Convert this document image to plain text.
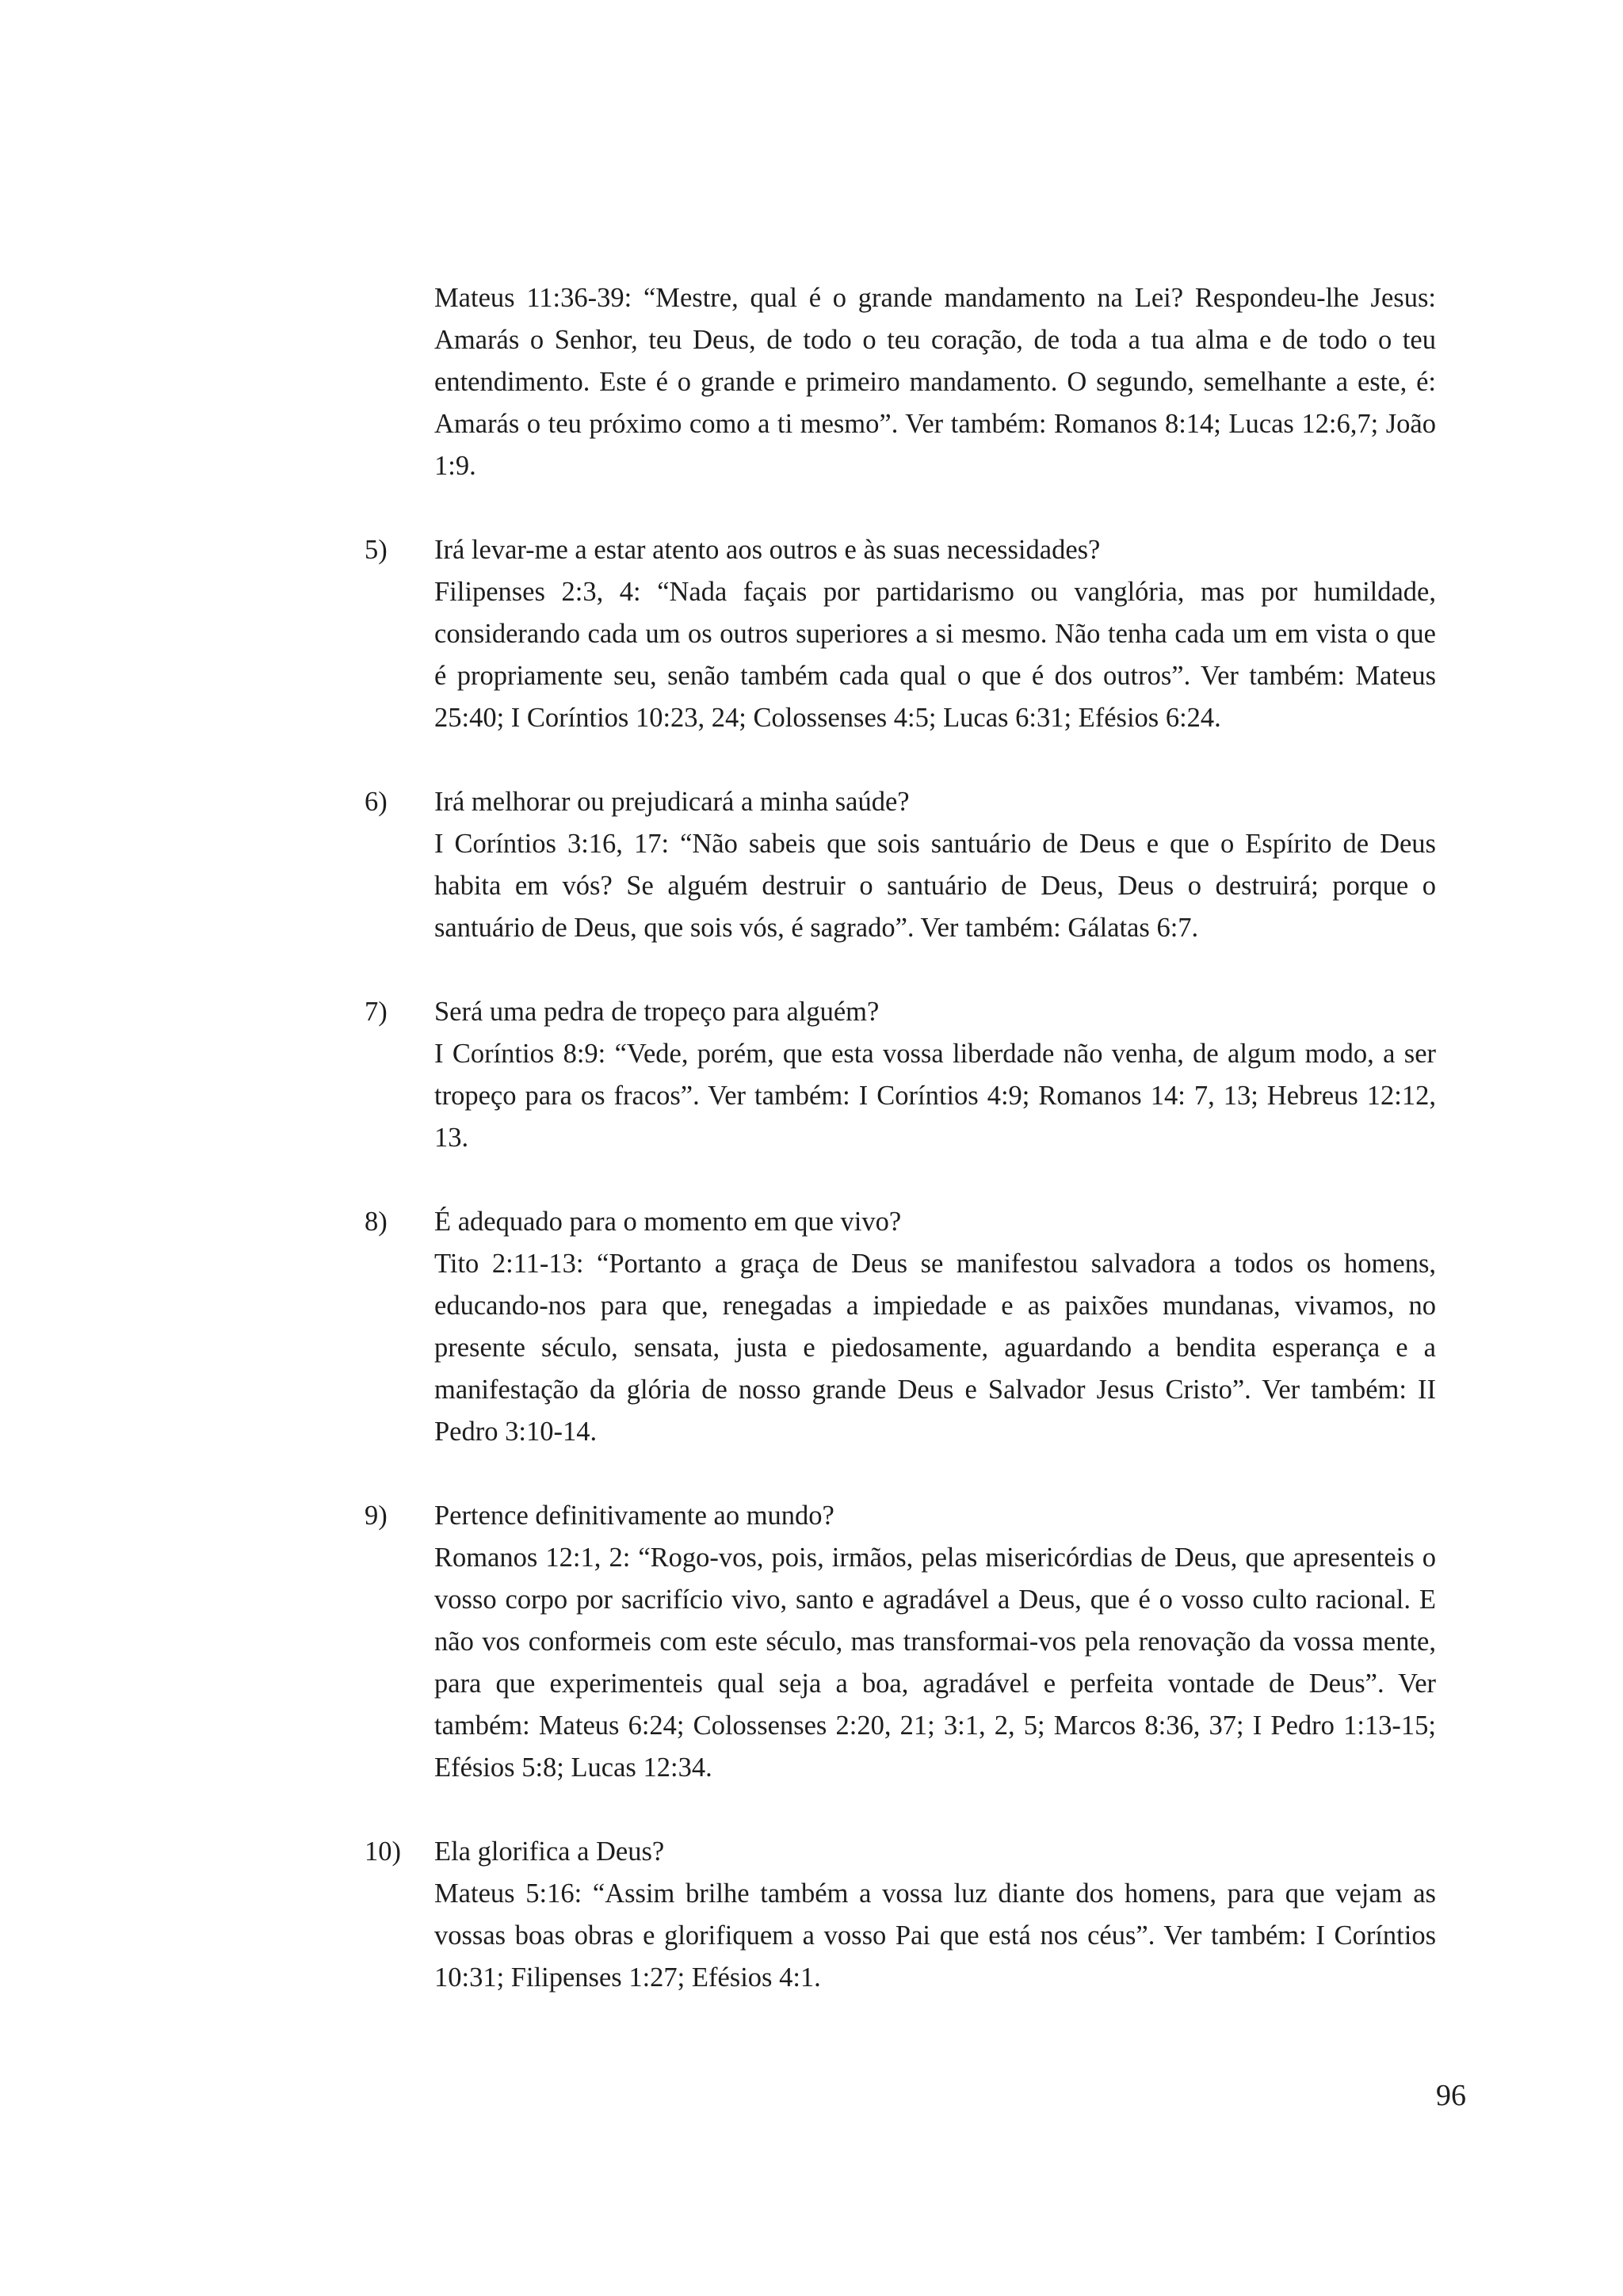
Mateus 11:36-39: “Mestre, qual é o grande mandamento na Lei? Respondeu-lhe Jesus: Amarás o Senhor, teu Deus, de todo o teu coração, de toda a tua alma e de todo o teu entendimento. Este é o grande e primeiro mandamento. O segundo, semelhante a este, é: Amarás o teu próximo como a ti mesmo”. Ver também: Romanos 8:14; Lucas 12:6,7; João 1:9.

5) Irá levar-me a estar atento aos outros e às suas necessidades?

Filipenses 2:3, 4: “Nada façais por partidarismo ou vanglória, mas por humildade, considerando cada um os outros superiores a si mesmo. Não tenha cada um em vista o que é propriamente seu, senão também cada qual o que é dos outros”. Ver também: Mateus 25:40; I Coríntios 10:23, 24; Colossenses 4:5; Lucas 6:31; Efésios 6:24.

6) Irá melhorar ou prejudicará a minha saúde?

I Coríntios 3:16, 17: “Não sabeis que sois santuário de Deus e que o Espírito de Deus habita em vós? Se alguém destruir o santuário de Deus, Deus o destruirá; porque o santuário de Deus, que sois vós, é sagrado”. Ver também: Gálatas 6:7.

7) Será uma pedra de tropeço para alguém?

I Coríntios 8:9: “Vede, porém, que esta vossa liberdade não venha, de algum modo, a ser tropeço para os fracos”. Ver também: I Coríntios 4:9; Romanos 14: 7, 13; Hebreus 12:12, 13.

8) É adequado para o momento em que vivo?

Tito 2:11-13: “Portanto a graça de Deus se manifestou salvadora a todos os homens, educando-nos para que, renegadas a impiedade e as paixões mundanas, vivamos, no presente século, sensata, justa e piedosamente, aguardando a bendita esperança e a manifestação da glória de nosso grande Deus e Salvador Jesus Cristo”. Ver também: II Pedro 3:10-14.

9) Pertence definitivamente ao mundo?

Romanos 12:1, 2: “Rogo-vos, pois, irmãos, pelas misericórdias de Deus, que apresenteis o vosso corpo por sacrifício vivo, santo e agradável a Deus, que é o vosso culto racional. E não vos conformeis com este século, mas transformai-vos pela renovação da vossa mente, para que experimenteis qual seja a boa, agradável e perfeita vontade de Deus”. Ver também: Mateus 6:24; Colossenses 2:20, 21; 3:1, 2, 5; Marcos 8:36, 37; I Pedro 1:13-15; Efésios 5:8; Lucas 12:34.

10) Ela glorifica a Deus?

Mateus 5:16: “Assim brilhe também a vossa luz diante dos homens, para que vejam as vossas boas obras e glorifiquem a vosso Pai que está nos céus”. Ver também: I Coríntios 10:31; Filipenses 1:27; Efésios 4:1.

96
